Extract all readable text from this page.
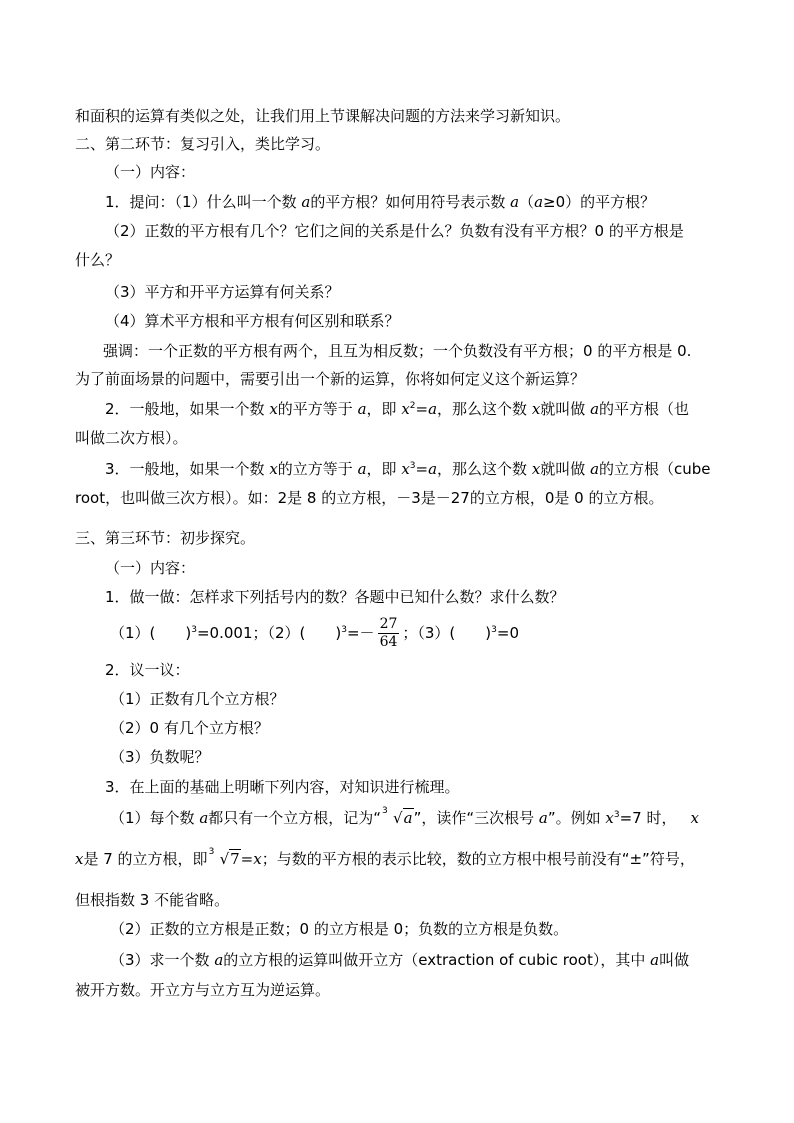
和面积的运算有类似之处，让我们用上节课解决问题的方法来学习新知识。
二、第二环节：复习引入，类比学习。
（一）内容：
1．提问：（1）什么叫一个数 a的平方根？如何用符号表示数 a（a≥0）的平方根？
（2）正数的平方根有几个？它们之间的关系是什么？负数有没有平方根？0 的平方根是
什么？
（3）平方和开平方运算有何关系？
（4）算术平方根和平方根有何区别和联系？
强调：一个正数的平方根有两个，且互为相反数；一个负数没有平方根；0 的平方根是 0.
为了前面场景的问题中，需要引出一个新的运算，你将如何定义这个新运算？
2．一般地，如果一个数 x的平方等于 a，即 $x^2=a$，那么这个数 x就叫做 a的平方根（也
叫做二次方根）。
3．一般地，如果一个数 x的立方等于 a，即 $x^3=a$，那么这个数 x就叫做 a的立方根（cube
root，也叫做三次方根）。如：2是 8 的立方根，－3是－27的立方根，0是 0 的立方根。
三、第三环节：初步探究。
（一）内容：
1．做一做：怎样求下列括号内的数？各题中已知什么数？求什么数？
（1）(　　)$^3$=0.001；（2）(　　)$^3=- \frac{27}{64}$ ；（3）(　　)$^3$=0
2．议一议：
（1）正数有几个立方根？
（2）0 有几个立方根？
（3）负数呢？
3．在上面的基础上明晰下列内容，对知识进行梳理。
（1）每个数 a都只有一个立方根，记为“ 3 √a”，读作“三次根号 a”。例如 $x^3=7$ 时， x
x是 7 的立方根，即 3 √7=x；与数的平方根的表示比较，数的立方根中根号前没有“±”符号，
但根指数 3 不能省略。
（2）正数的立方根是正数；0 的立方根是 0；负数的立方根是负数。
（3）求一个数 a的立方根的运算叫做开立方（extraction of cubic root），其中 a叫做
被开方数。开立方与立方互为逆运算。
